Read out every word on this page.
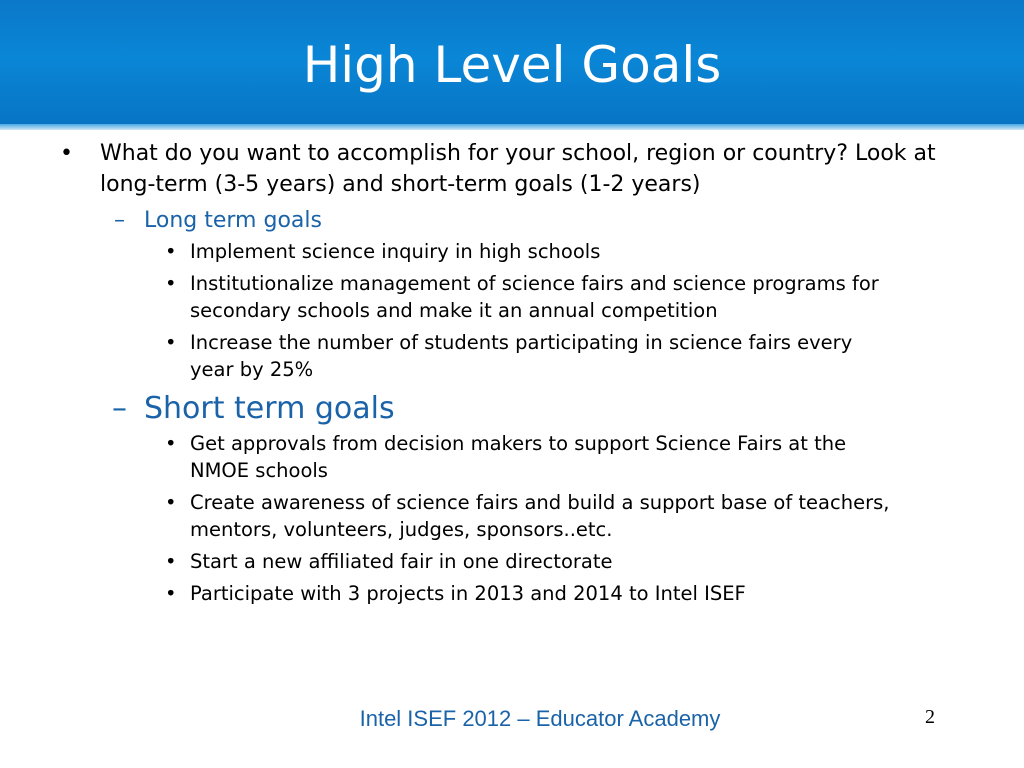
High Level Goals
• What do you want to accomplish for your school, region or country? Look at long-term (3-5 years) and short-term goals (1-2 years)
– Long term goals
• Implement science inquiry in high schools
• Institutionalize management of science fairs and science programs for secondary schools and make it an annual competition
• Increase the number of students participating in science fairs every year by 25%
– Short term goals
• Get approvals from decision makers to support Science Fairs at the NMOE schools
• Create awareness of science fairs and build a support base of teachers, mentors, volunteers, judges, sponsors..etc.
• Start a new affiliated fair in one directorate
• Participate with 3 projects in 2013 and 2014 to Intel ISEF
Intel ISEF 2012 – Educator Academy	2
